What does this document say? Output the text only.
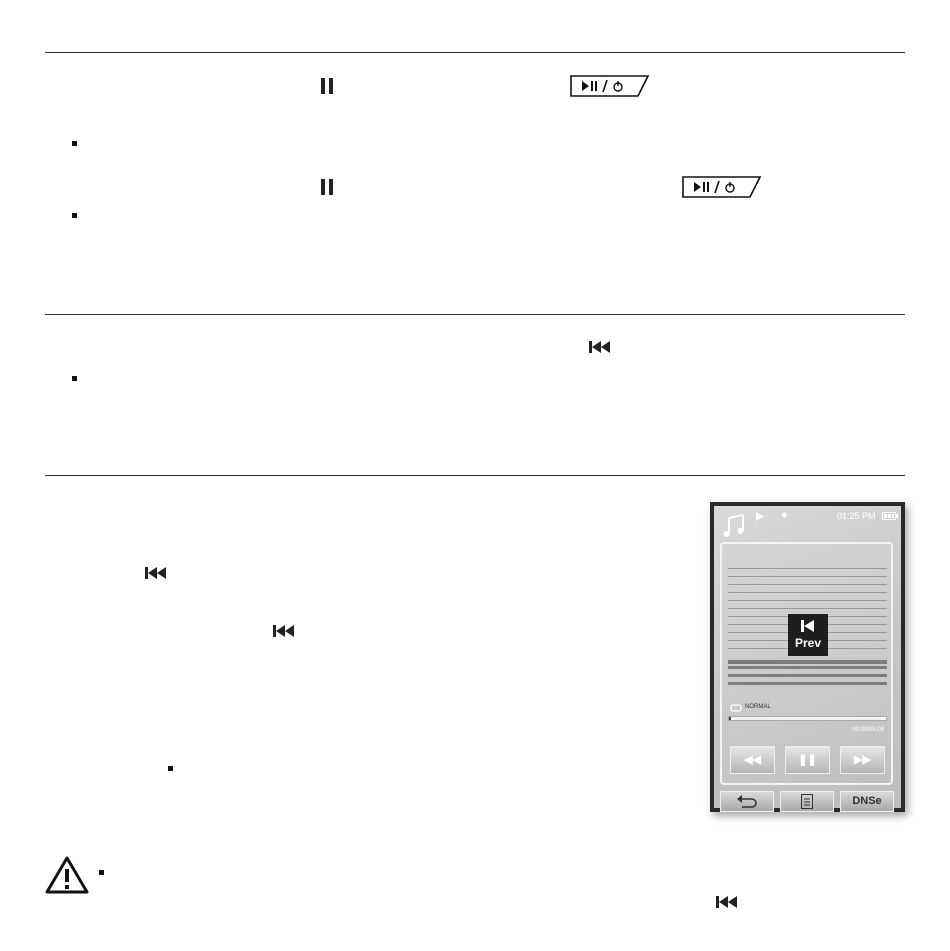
✱	01:25 PM
Prev
NORMAL
00:00/05:09
◀◀	❚❚	▶▶
DNSe
